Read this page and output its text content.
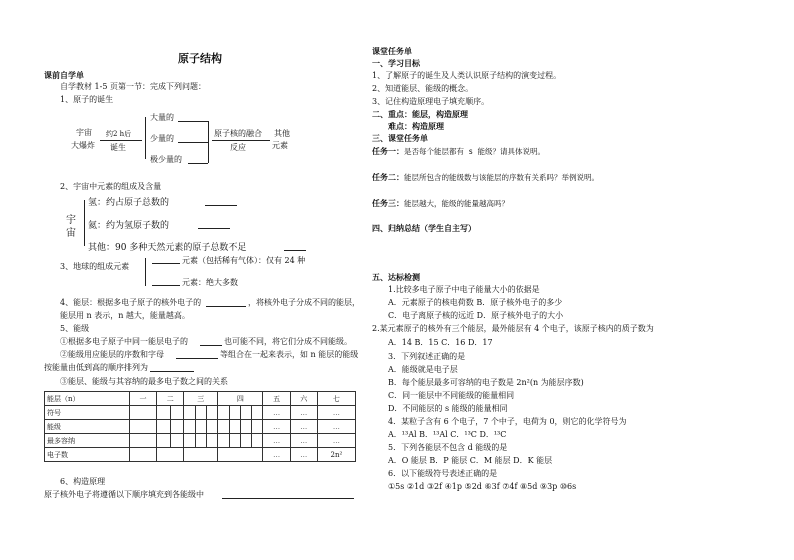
原子结构
课前自学单
自学教材 1-5 页第一节：完成下列问题：
1、原子的诞生
宇宙
大爆炸
约2 h后
诞生
大量的
少量的
极少量的
原子核的融合
反应
其他
元素
2、宇宙中元素的组成及含量
宇
宙
氢：约占原子总数的
氦：约为氢原子数的
其他：90 多种天然元素的原子总数不足
3、地球的组成元素
元素（包括稀有气体）：仅有 24 种
元素：绝大多数
4、能层：根据多电子原子的核外电子的	，将核外电子分成不同的能层，
能层用 n 表示，n 越大，能量越高。
5、能级
①根据多电子原子中同一能层电子的	也可能不同，将它们分成不同能级。
②能级用应能层的序数和字母	等组合在一起来表示，如 n 能层的能级
按能量由低到高的顺序排列为
③能层、能级与其容纳的最多电子数之间的关系
能层（n）	一	二		三			四				五	六	七
符号											…	…	…
能级											…	…	…
最多容纳											…	…	…
电子数											…	…	2n²
6、构造原理
原子核外电子将遵循以下顺序填充到各能级中
课堂任务单
一、学习目标
1、了解原子的诞生及人类认识原子结构的演变过程。
2、知道能层、能级的概念。
3、记住构造原理电子填充顺序。
二、重点：能层，构造原理
难点：构造原理
三、课堂任务单
任务一：是否每个能层都有 s 能级？请具体说明。
任务二：能层所包含的能级数与该能层的序数有关系吗？举例说明。
任务三：能层越大，能级的能量越高吗？
四、归纳总结（学生自主写）
五、达标检测
1.比较多电子原子中电子能量大小的依据是
A．元素原子的核电荷数 B．原子核外电子的多少
C．电子离原子核的远近 D．原子核外电子的大小
2.某元素原子的核外有三个能层，最外能层有 4 个电子，该原子核内的质子数为
A．14 B．15 C．16 D．17
3．下列叙述正确的是
A．能级就是电子层
B．每个能层最多可容纳的电子数是 2n²(n 为能层序数)
C．同一能层中不同能级的能量相同
D．不同能层的 s 能级的能量相同
4．某粒子含有 6 个电子，7 个中子，电荷为 0，则它的化学符号为
A．¹³Al B．¹³Al C．¹³C D．¹³C
5．下列各能层不包含 d 能级的是
A．O 能层 B．P 能层 C．M 能层 D．K 能层
6．以下能级符号表述正确的是
①5s ②1d ③2f ④1p ⑤2d ⑥3f ⑦4f ⑧5d ⑨3p ⑩6s
